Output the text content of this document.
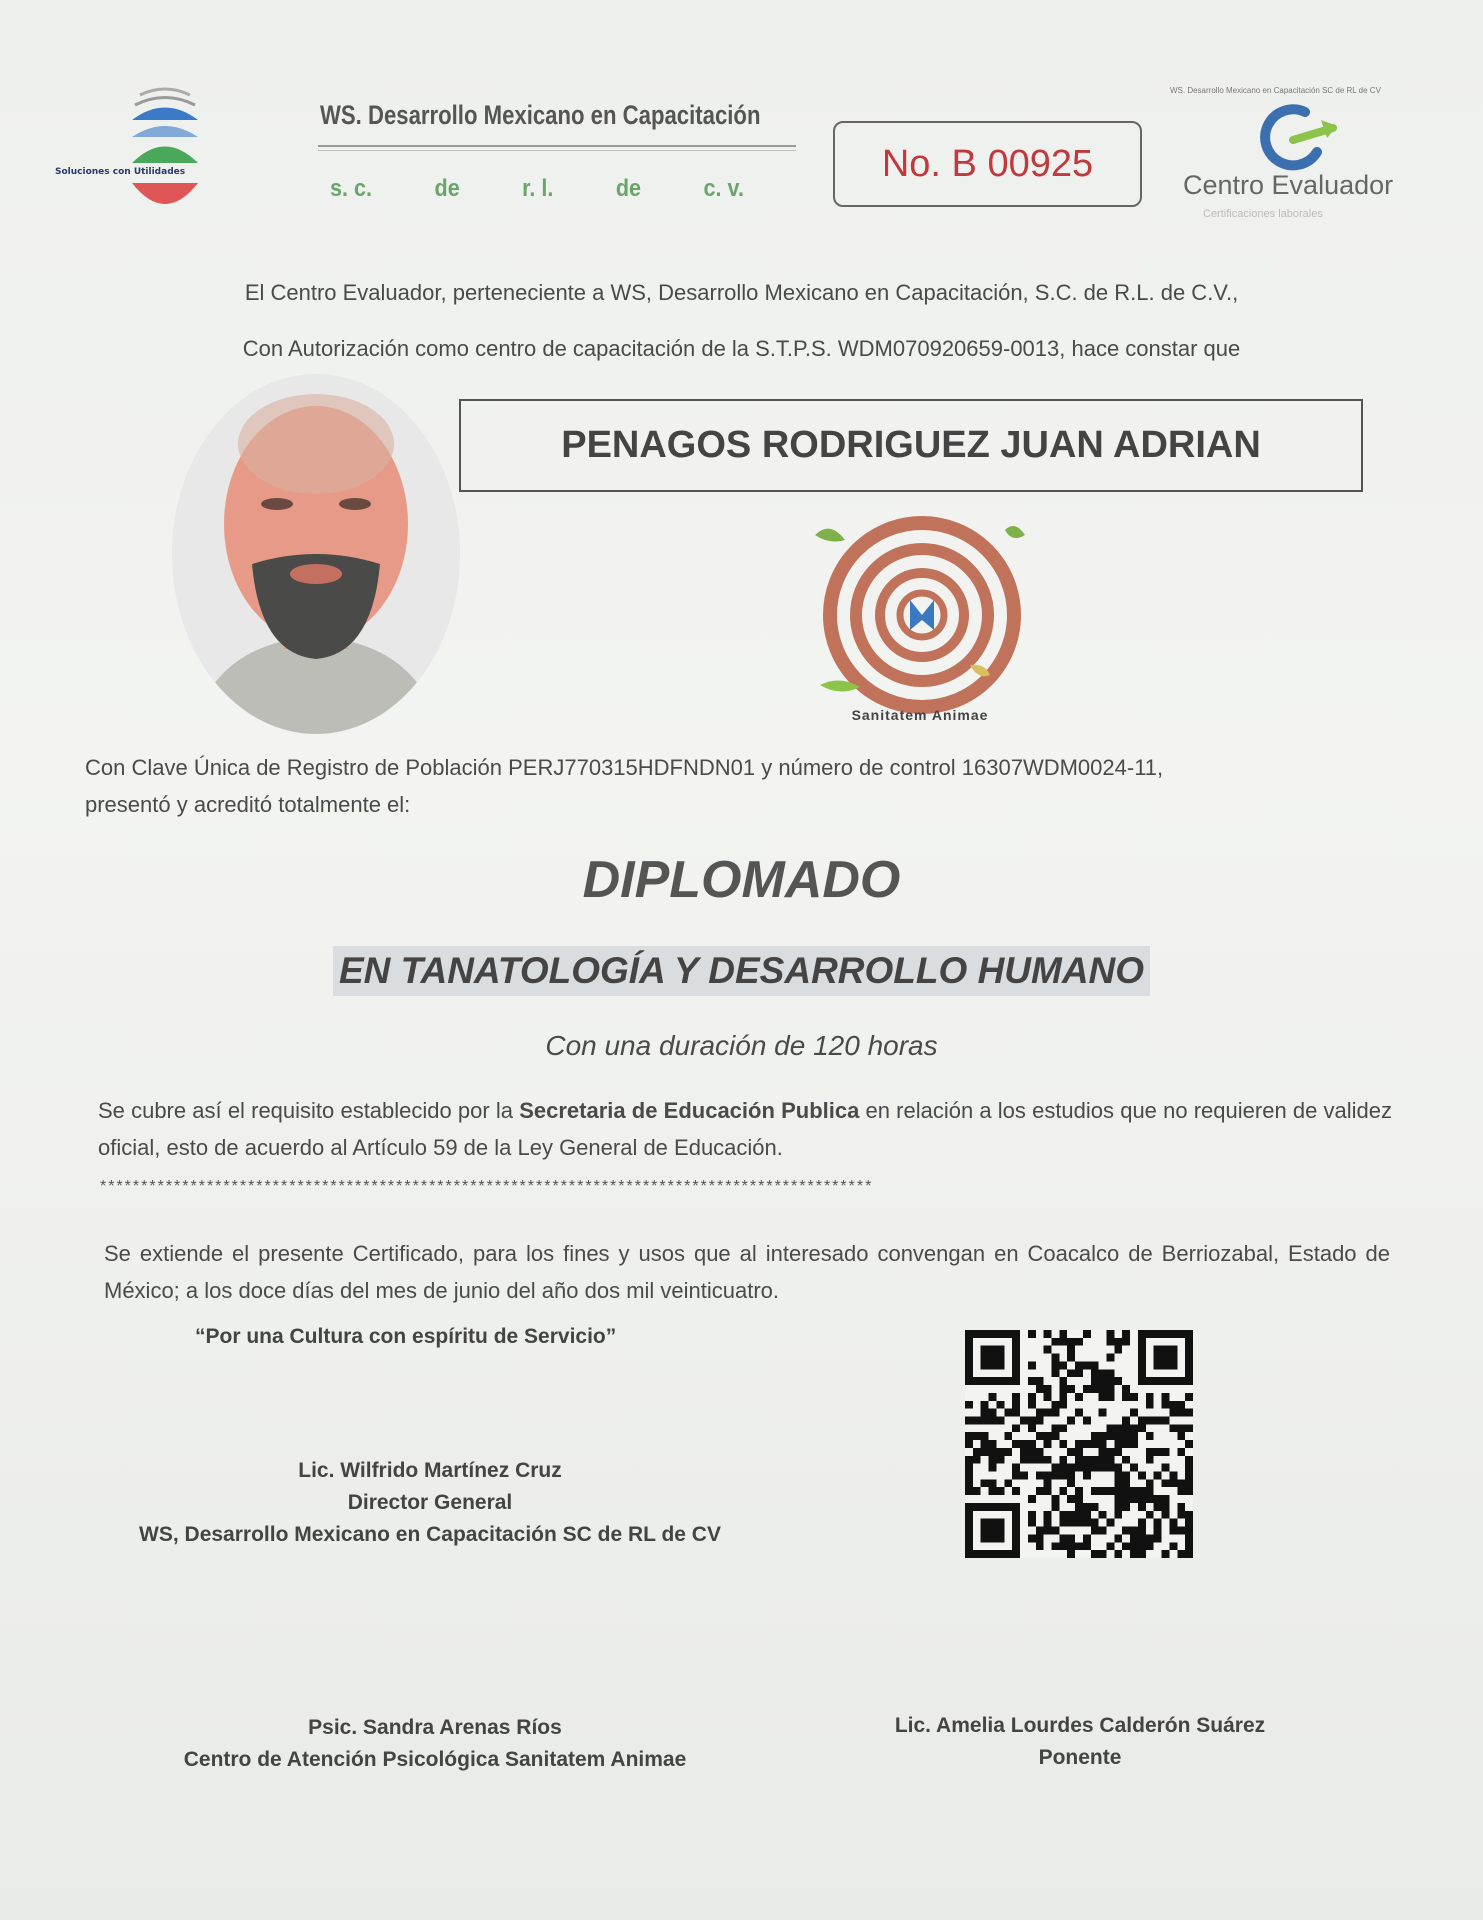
Soluciones con Utilidades
WS. Desarrollo Mexicano en Capacitación
s. c.	de	r. l.	de	c. v.
No. B 00925
WS. Desarrollo Mexicano en Capacitación SC de RL de CV
Centro Evaluador
Certificaciones laborales
El Centro Evaluador, perteneciente a WS, Desarrollo Mexicano en Capacitación, S.C. de R.L. de C.V.,
Con Autorización como centro de capacitación de la S.T.P.S. WDM070920659-0013, hace constar que
PENAGOS RODRIGUEZ JUAN ADRIAN
Sanitatem Animae
Con Clave Única de Registro de Población PERJ770315HDFNDN01 y número de control 16307WDM0024-11,
presentó y acreditó totalmente el:
DIPLOMADO
EN TANATOLOGÍA Y DESARROLLO HUMANO
Con una duración de 120 horas
Se cubre así el requisito establecido por la Secretaria de Educación Publica en relación a los estudios que no requieren de validez oficial, esto de acuerdo al Artículo 59 de la Ley General de Educación.
**********************************************************************************************
Se extiende el presente Certificado, para los fines y usos que al interesado convengan en Coacalco de Berriozabal, Estado de México; a los doce días del mes de junio del año dos mil veinticuatro.
“Por una Cultura con espíritu de Servicio”
Lic. Wilfrido Martínez Cruz
Director General
WS, Desarrollo Mexicano en Capacitación SC de RL de CV
Psic. Sandra Arenas Ríos
Centro de Atención Psicológica Sanitatem Animae
Lic. Amelia Lourdes Calderón Suárez
Ponente
